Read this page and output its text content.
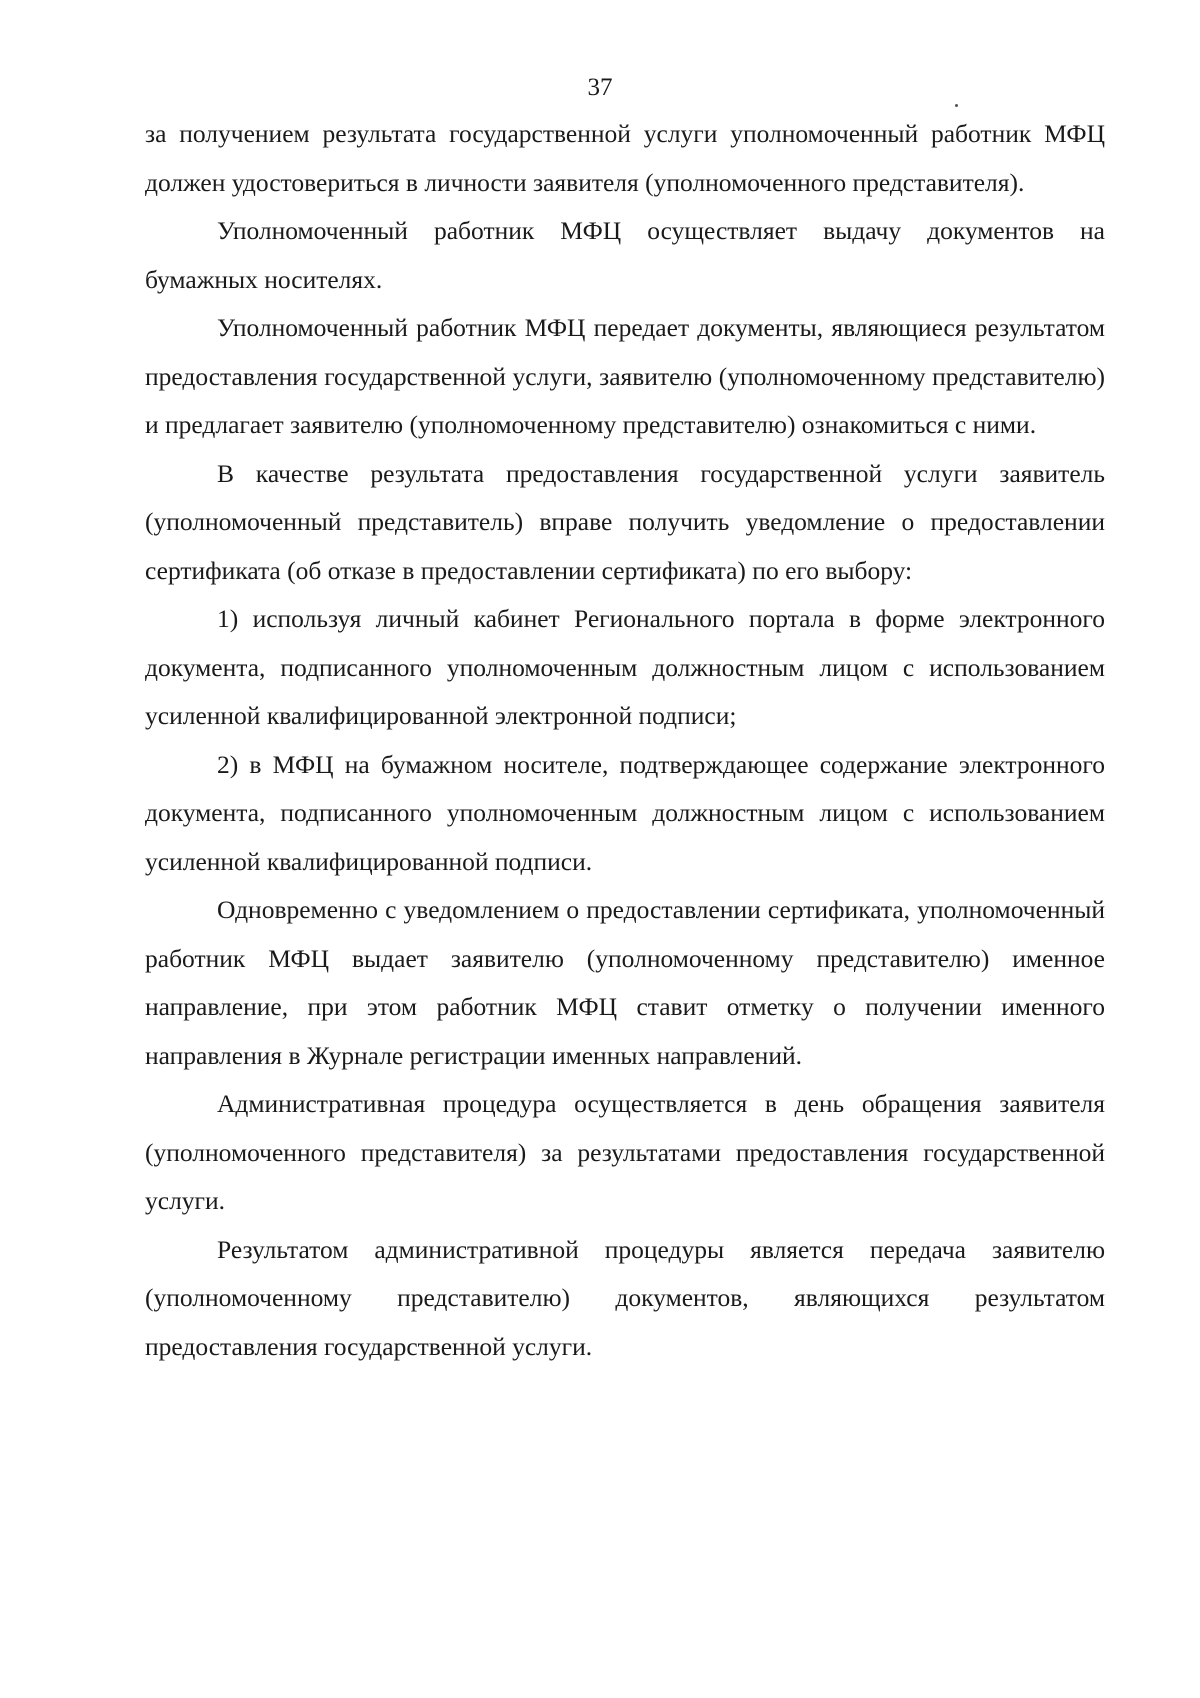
37

за получением результата государственной услуги уполномоченный работник МФЦ должен удостовериться в личности заявителя (уполномоченного представителя).

Уполномоченный работник МФЦ осуществляет выдачу документов на бумажных носителях.

Уполномоченный работник МФЦ передает документы, являющиеся результатом предоставления государственной услуги, заявителю (уполномоченному представителю) и предлагает заявителю (уполномоченному представителю) ознакомиться с ними.

В качестве результата предоставления государственной услуги заявитель (уполномоченный представитель) вправе получить уведомление о предоставлении сертификата (об отказе в предоставлении сертификата) по его выбору:

1) используя личный кабинет Регионального портала в форме электронного документа, подписанного уполномоченным должностным лицом с использованием усиленной квалифицированной электронной подписи;

2) в МФЦ на бумажном носителе, подтверждающее содержание электронного документа, подписанного уполномоченным должностным лицом с использованием усиленной квалифицированной подписи.

Одновременно с уведомлением о предоставлении сертификата, уполномоченный работник МФЦ выдает заявителю (уполномоченному представителю) именное направление, при этом работник МФЦ ставит отметку о получении именного направления в Журнале регистрации именных направлений.

Административная процедура осуществляется в день обращения заявителя (уполномоченного представителя) за результатами предоставления государственной услуги.

Результатом административной процедуры является передача заявителю (уполномоченному представителю) документов, являющихся результатом предоставления государственной услуги.
